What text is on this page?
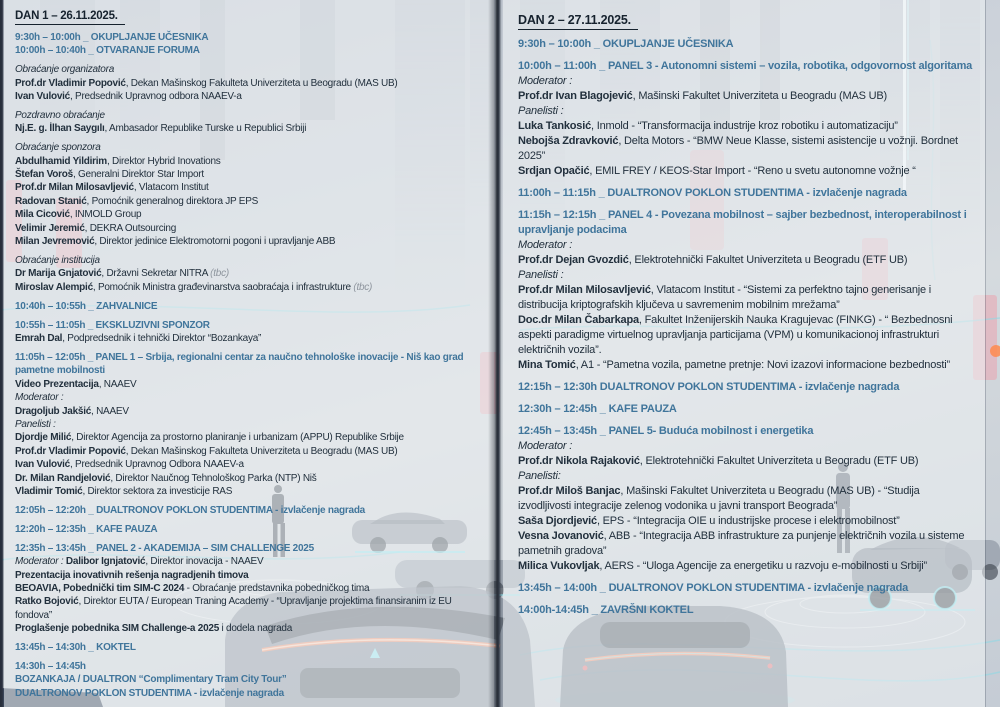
DAN 1 – 26.11.2025.
9:30h – 10:00h _ OKUPLJANJE UČESNIKA
10:00h – 10:40h _ OTVARANJE FORUMA
Obraćanje organizatora
Prof.dr Vladimir Popović, Dekan Mašinskog Fakulteta Univerziteta u Beogradu (MAS UB)
Ivan Vulović, Predsednik Upravnog odbora NAAEV-a
Pozdravno obraćanje
Nj.E. g. İlhan Saygılı, Ambasador Republike Turske u Republici Srbiji
Obraćanje sponzora
Abdulhamid Yildirim, Direktor Hybrid Inovations
Štefan Voroš, Generalni Direktor Star Import
Prof.dr Milan Milosavljević, Vlatacom Institut
Radovan Stanić, Pomoćnik generalnog direktora JP EPS
Mila Cicović, INMOLD Group
Velimir Jeremić, DEKRA Outsourcing
Milan Jevremović, Direktor jedinice Elektromotorni pogoni i upravljanje ABB
Obraćanje institucija
Dr Marija Gnjatović, Državni Sekretar NITRA (tbc)
Miroslav Alempić, Pomoćnik Ministra građevinarstva saobraćaja i infrastrukture (tbc)
10:40h – 10:55h _ ZAHVALNICE
10:55h – 11:05h _ EKSKLUZIVNI SPONZOR
Emrah Dal, Podpredsednik i tehnički Direktor “Bozankaya”
11:05h – 12:05h _ PANEL 1 – Srbija, regionalni centar za naučno tehnološke inovacije - Niš kao grad pametne mobilnosti
Video Prezentacija, NAAEV
Moderator :
Dragoljub Jakšić, NAAEV
Panelisti :
Djordje Milić, Direktor Agencija za prostorno planiranje i urbanizam (APPU) Republike Srbije
Prof.dr Vladimir Popović, Dekan Mašinskog Fakulteta Univerziteta u Beogradu (MAS UB)
Ivan Vulović, Predsednik Upravnog Odbora NAAEV-a
Dr. Milan Randjelović, Direktor Naučnog Tehnološkog Parka (NTP) Niš
Vladimir Tomić, Direktor sektora za investicije RAS
12:05h – 12:20h _ DUALTRONOV POKLON STUDENTIMA - izvlačenje nagrada
12:20h – 12:35h _ KAFE PAUZA
12:35h – 13:45h _ PANEL 2 - AKADEMIJA – SIM CHALLENGE 2025
Moderator : Dalibor Ignjatović, Direktor inovacija - NAAEV
Prezentacija inovativnih rešenja nagradjenih timova
BEOAVIA, Pobednički tim SIM-C 2024 - Obraćanje predstavnika pobedničkog tima
Ratko Bojović, Direktor EUTA / European Traning Academy - “Upravljanje projektima finansiranim iz EU fondova”
Proglašenje pobednika SIM Challenge-a 2025 i dodela nagrada
13:45h – 14:30h _ KOKTEL
14:30h – 14:45h
BOZANKAJA / DUALTRON “Complimentary Tram City Tour”
DUALTRONOV POKLON STUDENTIMA - izvlačenje nagrada
DAN 2 – 27.11.2025.
9:30h – 10:00h _ OKUPLJANJE UČESNIKA
10:00h – 11:00h _ PANEL 3 - Autonomni sistemi – vozila, robotika, odgovornost algoritama
Moderator :
Prof.dr Ivan Blagojević, Mašinski Fakultet Univerziteta u Beogradu (MAS UB)
Panelisti :
Luka Tankosić, Inmold - “Transformacija industrije kroz robotiku i automatizaciju”
Nebojša Zdravković, Delta Motors - “BMW Neue Klasse, sistemi asistencije u vožnji. Bordnet 2025”
Srdjan Opačić, EMIL FREY / KEOS-Star Import - “Reno u svetu autonomne vožnje “
11:00h – 11:15h _ DUALTRONOV POKLON STUDENTIMA - izvlačenje nagrada
11:15h – 12:15h _ PANEL 4 - Povezana mobilnost – sajber bezbednost, interoperabilnost i upravljanje podacima
Moderator :
Prof.dr Dejan Gvozdić, Elektrotehnički Fakultet Univerziteta u Beogradu (ETF UB)
Panelisti :
Prof.dr Milan Milosavljević, Vlatacom Institut - “Sistemi za perfektno tajno generisanje i distribucija kriptografskih ključeva u savremenim mobilnim mrežama”
Doc.dr Milan Čabarkapa, Fakultet Inženijerskih Nauka Kragujevac (FINKG) - “ Bezbednosni aspekti paradigme virtuelnog upravljanja particijama (VPM) u komunikacionoj infrastrukturi električnih vozila”.
Mina Tomić, A1 - “Pametna vozila, pametne pretnje: Novi izazovi informacione bezbednosti”
12:15h – 12:30h DUALTRONOV POKLON STUDENTIMA - izvlačenje nagrada
12:30h – 12:45h _ KAFE PAUZA
12:45h – 13:45h _ PANEL 5- Buduća mobilnost i energetika
Moderator :
Prof.dr Nikola Rajaković, Elektrotehnički Fakultet Univerziteta u Beogradu (ETF UB)
Panelisti:
Prof.dr Miloš Banjac, Mašinski Fakultet Univerziteta u Beogradu (MAS UB) - “Studija izvodljivosti integracije zelenog vodonika u javni transport Beograda”
Saša Djordjević, EPS - “Integracija OIE u industrijske procese i elektromobilnost”
Vesna Jovanović, ABB - “Integracija ABB infrastrukture za punjenje električnih vozila u sisteme pametnih gradova”
Milica Vukovljak, AERS - “Uloga Agencije za energetiku u razvoju e-mobilnosti u Srbiji”
13:45h – 14:00h _ DUALTRONOV POKLON STUDENTIMA - izvlačenje nagrada
14:00h-14:45h _ ZAVRŠNI KOKTEL
